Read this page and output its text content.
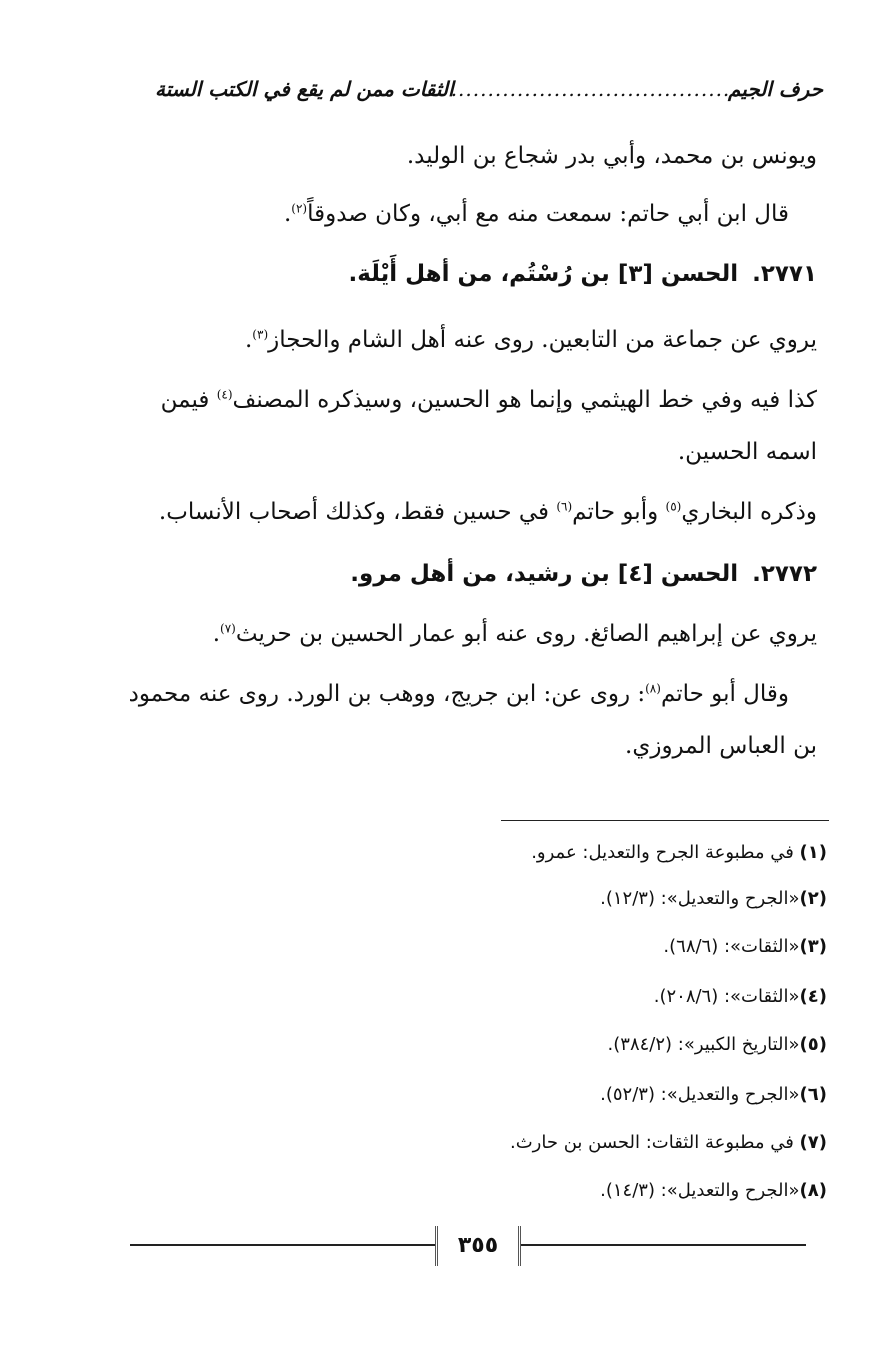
حرف الجيم
........................................
الثقات ممن لم يقع في الكتب الستة
ويونس بن محمد، وأبي بدر شجاع بن الوليد.
قال ابن أبي حاتم: سمعت منه مع أبي، وكان صدوقاً$^{(٢)}$.
٢٧٧١.الحسن [٣] بن رُسْتُم، من أهل أَيْلَة.
يروي عن جماعة من التابعين. روى عنه أهل الشام والحجاز$^{(٣)}$.
كذا فيه وفي خط الهيثمي وإنما هو الحسين، وسيذكره المصنف$^{(٤)}$ فيمن
اسمه الحسين.
وذكره البخاري$^{(٥)}$ وأبو حاتم$^{(٦)}$ في حسين فقط، وكذلك أصحاب الأنساب.
٢٧٧٢.الحسن [٤] بن رشيد، من أهل مرو.
يروي عن إبراهيم الصائغ. روى عنه أبو عمار الحسين بن حريث$^{(٧)}$.
وقال أبو حاتم$^{(٨)}$: روى عن: ابن جريج، ووهب بن الورد. روى عنه محمود
بن العباس المروزي.
(١) في مطبوعة الجرح والتعديل: عمرو.
(٢)«الجرح والتعديل»: (١٢/٣).
(٣)«الثقات»: (٦٨/٦).
(٤)«الثقات»: (٢٠٨/٦).
(٥)«التاريخ الكبير»: (٣٨٤/٢).
(٦)«الجرح والتعديل»: (٥٢/٣).
(٧) في مطبوعة الثقات: الحسن بن حارث.
(٨)«الجرح والتعديل»: (١٤/٣).
٣٥٥
